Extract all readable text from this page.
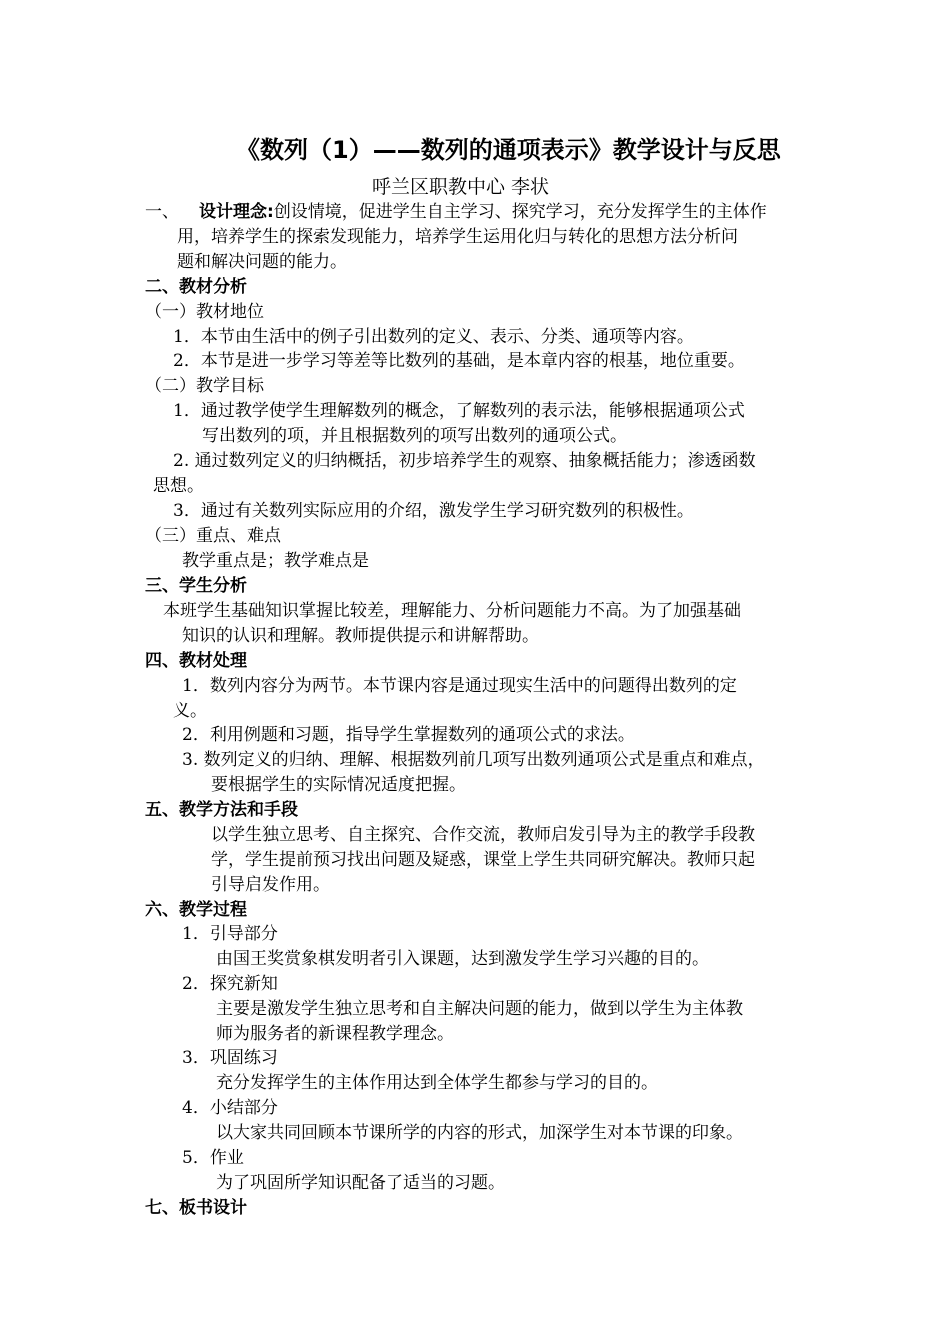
《数列（1）——数列的通项表示》教学设计与反思
呼兰区职教中心 李状
一、 设计理念:创设情境，促进学生自主学习、探究学习，充分发挥学生的主体作
用，培养学生的探索发现能力，培养学生运用化归与转化的思想方法分析问
题和解决问题的能力。
二、教材分析
（一）教材地位
1．本节由生活中的例子引出数列的定义、表示、分类、通项等内容。
2．本节是进一步学习等差等比数列的基础，是本章内容的根基，地位重要。
（二）教学目标
1．通过教学使学生理解数列的概念，了解数列的表示法，能够根据通项公式
写出数列的项，并且根据数列的项写出数列的通项公式。
2. 通过数列定义的归纳概括，初步培养学生的观察、抽象概括能力；渗透函数
思想。
3．通过有关数列实际应用的介绍，激发学生学习研究数列的积极性。
（三）重点、难点
教学重点是；教学难点是
三、学生分析
本班学生基础知识掌握比较差，理解能力、分析问题能力不高。为了加强基础
知识的认识和理解。教师提供提示和讲解帮助。
四、教材处理
1．数列内容分为两节。本节课内容是通过现实生活中的问题得出数列的定
义。
2．利用例题和习题，指导学生掌握数列的通项公式的求法。
3. 数列定义的归纳、理解、根据数列前几项写出数列通项公式是重点和难点，
要根据学生的实际情况适度把握。
五、教学方法和手段
以学生独立思考、自主探究、合作交流，教师启发引导为主的教学手段教
学，学生提前预习找出问题及疑惑，课堂上学生共同研究解决。教师只起
引导启发作用。
六、教学过程
1．引导部分
由国王奖赏象棋发明者引入课题，达到激发学生学习兴趣的目的。
2．探究新知
主要是激发学生独立思考和自主解决问题的能力，做到以学生为主体教
师为服务者的新课程教学理念。
3．巩固练习
充分发挥学生的主体作用达到全体学生都参与学习的目的。
4．小结部分
以大家共同回顾本节课所学的内容的形式，加深学生对本节课的印象。
5．作业
为了巩固所学知识配备了适当的习题。
七、板书设计
